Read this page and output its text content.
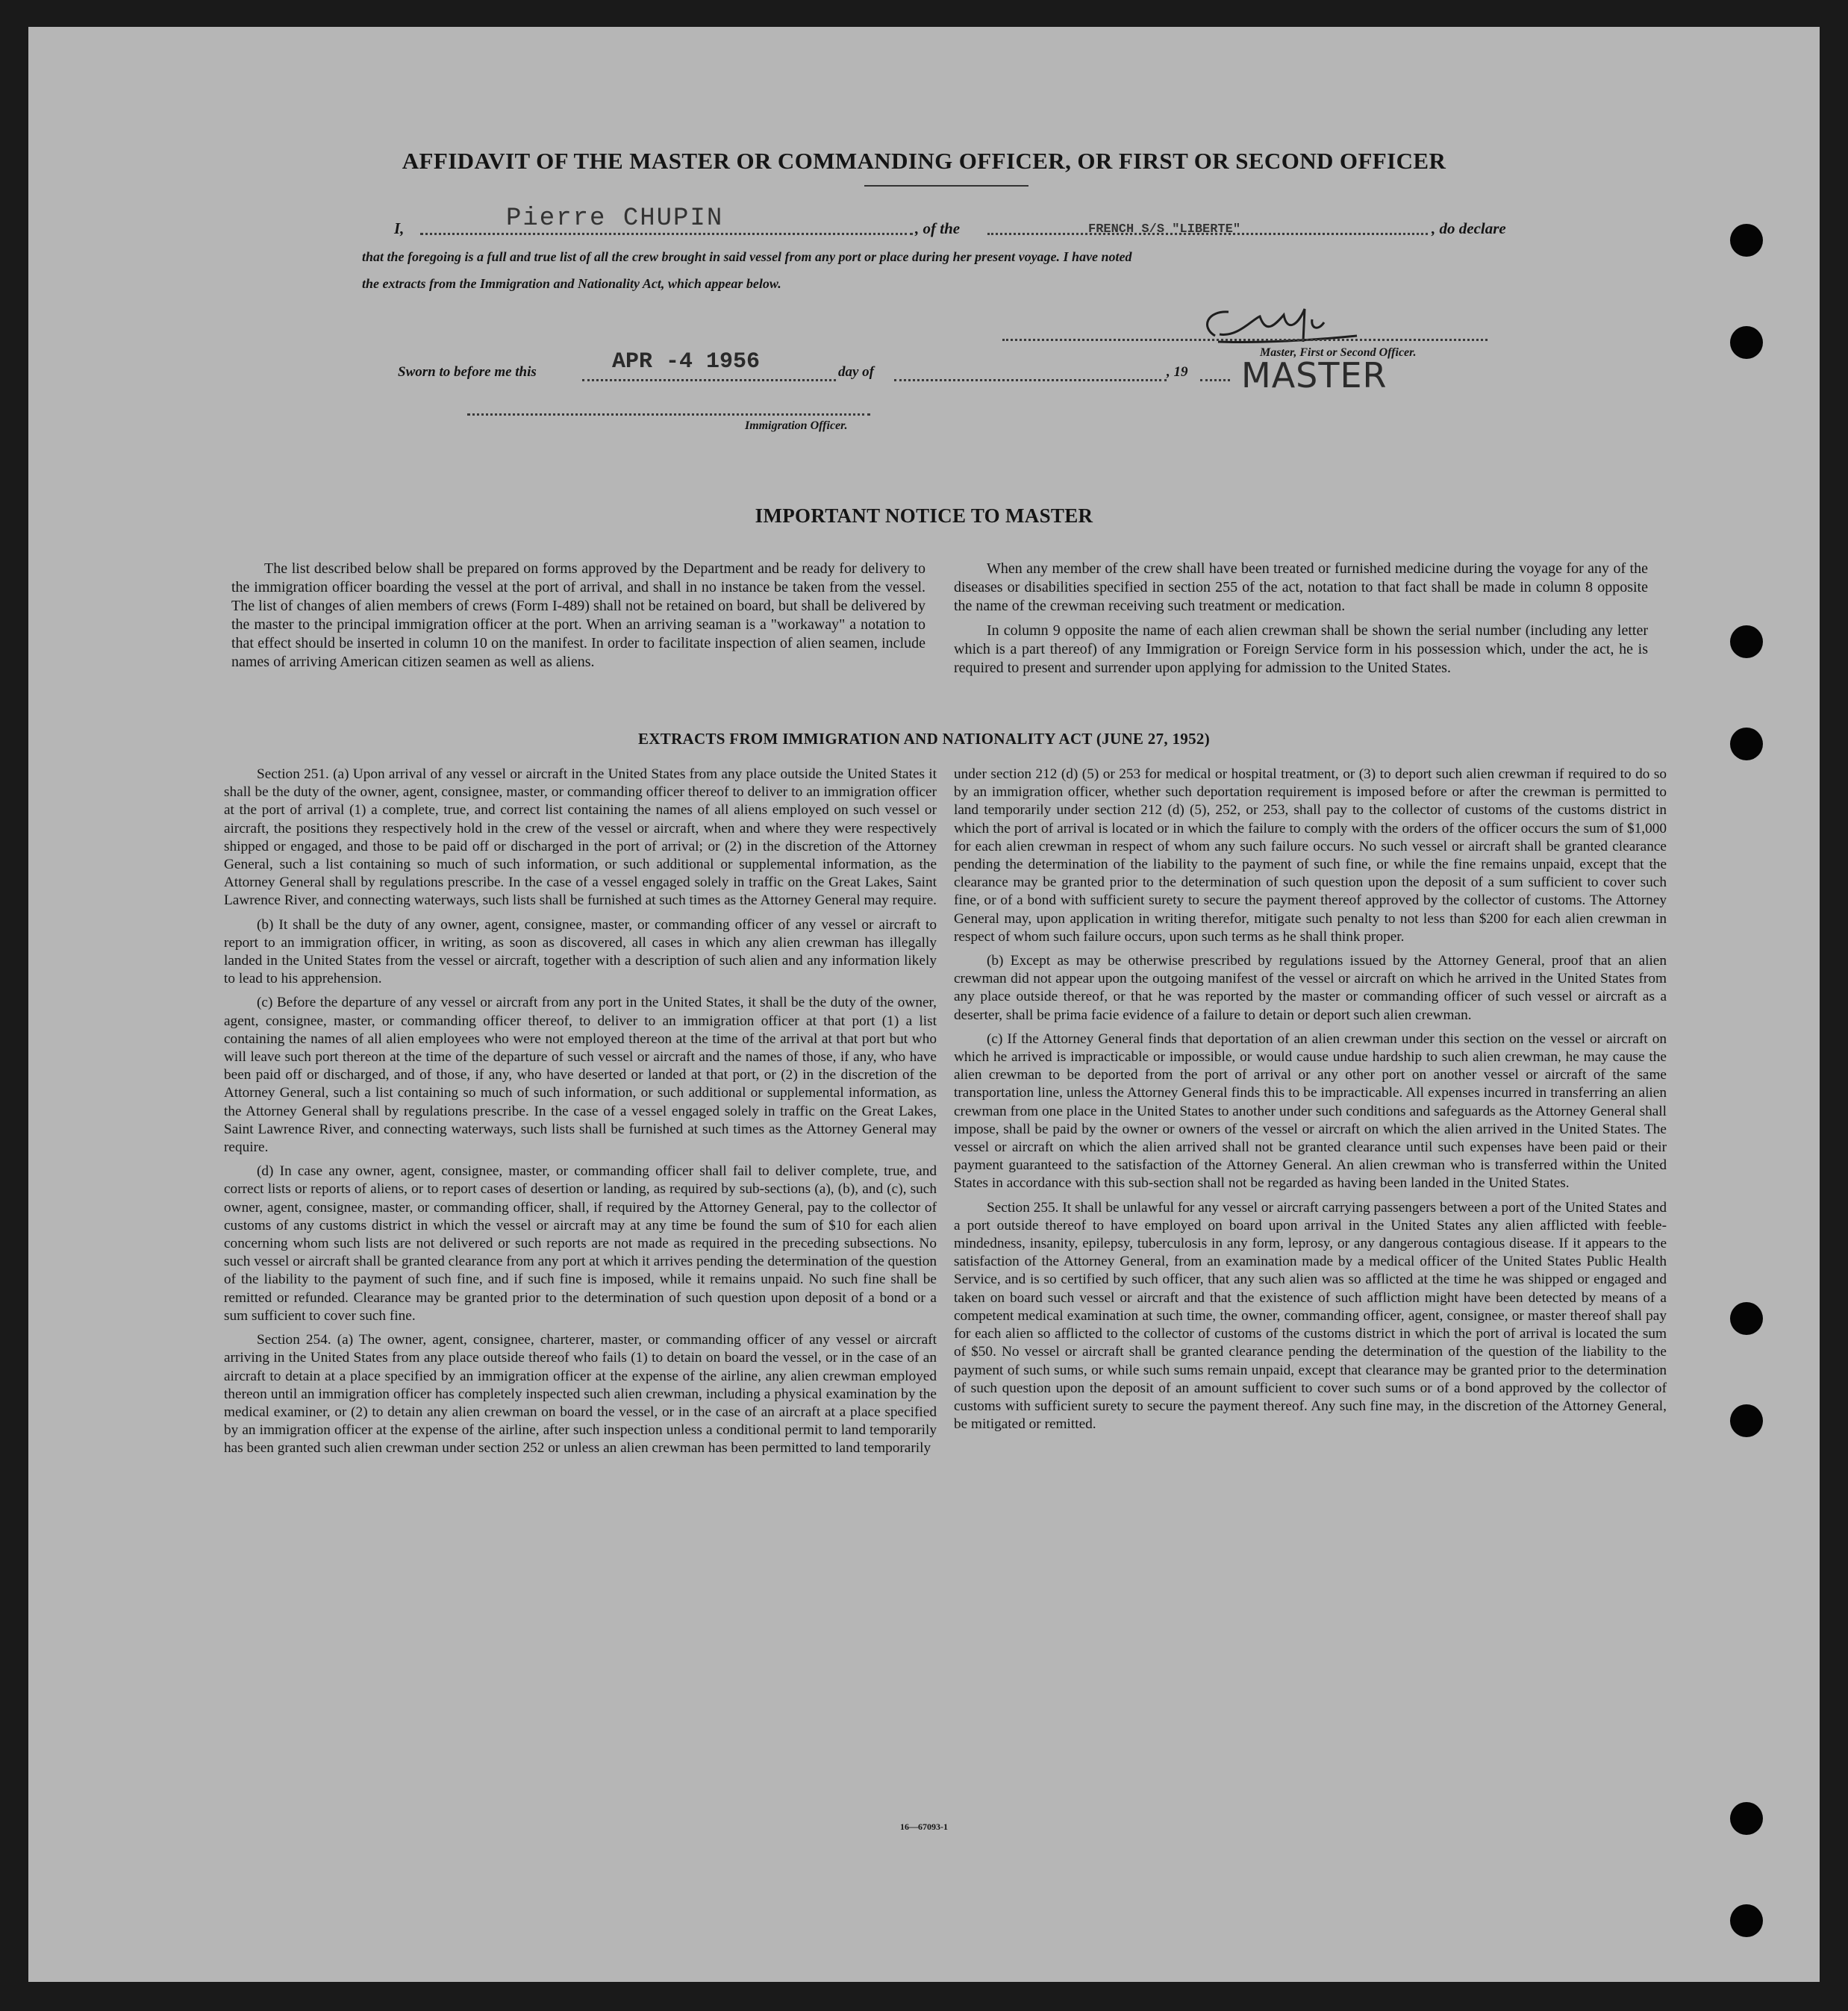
AFFIDAVIT OF THE MASTER OR COMMANDING OFFICER, OR FIRST OR SECOND OFFICER
I,	Pierre CHUPIN	, of the	FRENCH S/S "LIBERTE"	, do declare
that the foregoing is a full and true list of all the crew brought in said vessel from any port or place during her present voyage. I have noted
the extracts from the Immigration and Nationality Act, which appear below.
Master, First or Second Officer.
Sworn to before me this	APR -4 1956	day of	, 19 MASTER
Immigration Officer.
IMPORTANT NOTICE TO MASTER

The list described below shall be prepared on forms approved by the Department and be ready for delivery to the immigration officer boarding the vessel at the port of arrival, and shall in no instance be taken from the vessel. The list of changes of alien members of crews (Form I-489) shall not be retained on board, but shall be delivered by the master to the principal immigration officer at the port. When an arriving seaman is a "workaway" a notation to that effect should be inserted in column 10 on the manifest. In order to facilitate inspection of alien seamen, include names of arriving American citizen seamen as well as aliens.

When any member of the crew shall have been treated or furnished medicine during the voyage for any of the diseases or disabilities specified in section 255 of the act, notation to that fact shall be made in column 8 opposite the name of the crewman receiving such treatment or medication.

In column 9 opposite the name of each alien crewman shall be shown the serial number (including any letter which is a part thereof) of any Immigration or Foreign Service form in his possession which, under the act, he is required to present and surrender upon applying for admission to the United States.

EXTRACTS FROM IMMIGRATION AND NATIONALITY ACT (JUNE 27, 1952)

Section 251. (a) Upon arrival of any vessel or aircraft in the United States from any place outside the United States it shall be the duty of the owner, agent, consignee, master, or commanding officer thereof to deliver to an immigration officer at the port of arrival (1) a complete, true, and correct list containing the names of all aliens employed on such vessel or aircraft, the positions they respectively hold in the crew of the vessel or aircraft, when and where they were respectively shipped or engaged, and those to be paid off or discharged in the port of arrival; or (2) in the discretion of the Attorney General, such a list containing so much of such information, or such additional or supplemental information, as the Attorney General shall by regulations prescribe. In the case of a vessel engaged solely in traffic on the Great Lakes, Saint Lawrence River, and connecting waterways, such lists shall be furnished at such times as the Attorney General may require.

(b) It shall be the duty of any owner, agent, consignee, master, or commanding officer of any vessel or aircraft to report to an immigration officer, in writing, as soon as discovered, all cases in which any alien crewman has illegally landed in the United States from the vessel or aircraft, together with a description of such alien and any information likely to lead to his apprehension.

(c) Before the departure of any vessel or aircraft from any port in the United States, it shall be the duty of the owner, agent, consignee, master, or commanding officer thereof, to deliver to an immigration officer at that port (1) a list containing the names of all alien employees who were not employed thereon at the time of the arrival at that port but who will leave such port thereon at the time of the departure of such vessel or aircraft and the names of those, if any, who have been paid off or discharged, and of those, if any, who have deserted or landed at that port, or (2) in the discretion of the Attorney General, such a list containing so much of such information, or such additional or supplemental information, as the Attorney General shall by regulations prescribe. In the case of a vessel engaged solely in traffic on the Great Lakes, Saint Lawrence River, and connecting waterways, such lists shall be furnished at such times as the Attorney General may require.

(d) In case any owner, agent, consignee, master, or commanding officer shall fail to deliver complete, true, and correct lists or reports of aliens, or to report cases of desertion or landing, as required by sub-sections (a), (b), and (c), such owner, agent, consignee, master, or commanding officer, shall, if required by the Attorney General, pay to the collector of customs of any customs district in which the vessel or aircraft may at any time be found the sum of $10 for each alien concerning whom such lists are not delivered or such reports are not made as required in the preceding subsections. No such vessel or aircraft shall be granted clearance from any port at which it arrives pending the determination of the question of the liability to the payment of such fine, and if such fine is imposed, while it remains unpaid. No such fine shall be remitted or refunded. Clearance may be granted prior to the determination of such question upon deposit of a bond or a sum sufficient to cover such fine.

Section 254. (a) The owner, agent, consignee, charterer, master, or commanding officer of any vessel or aircraft arriving in the United States from any place outside thereof who fails (1) to detain on board the vessel, or in the case of an aircraft to detain at a place specified by an immigration officer at the expense of the airline, any alien crewman employed thereon until an immigration officer has completely inspected such alien crewman, including a physical examination by the medical examiner, or (2) to detain any alien crewman on board the vessel, or in the case of an aircraft at a place specified by an immigration officer at the expense of the airline, after such inspection unless a conditional permit to land temporarily has been granted such alien crewman under section 252 or unless an alien crewman has been permitted to land temporarily

under section 212 (d) (5) or 253 for medical or hospital treatment, or (3) to deport such alien crewman if required to do so by an immigration officer, whether such deportation requirement is imposed before or after the crewman is permitted to land temporarily under section 212 (d) (5), 252, or 253, shall pay to the collector of customs of the customs district in which the port of arrival is located or in which the failure to comply with the orders of the officer occurs the sum of $1,000 for each alien crewman in respect of whom any such failure occurs. No such vessel or aircraft shall be granted clearance pending the determination of the liability to the payment of such fine, or while the fine remains unpaid, except that the clearance may be granted prior to the determination of such question upon the deposit of a sum sufficient to cover such fine, or of a bond with sufficient surety to secure the payment thereof approved by the collector of customs. The Attorney General may, upon application in writing therefor, mitigate such penalty to not less than $200 for each alien crewman in respect of whom such failure occurs, upon such terms as he shall think proper.

(b) Except as may be otherwise prescribed by regulations issued by the Attorney General, proof that an alien crewman did not appear upon the outgoing manifest of the vessel or aircraft on which he arrived in the United States from any place outside thereof, or that he was reported by the master or commanding officer of such vessel or aircraft as a deserter, shall be prima facie evidence of a failure to detain or deport such alien crewman.

(c) If the Attorney General finds that deportation of an alien crewman under this section on the vessel or aircraft on which he arrived is impracticable or impossible, or would cause undue hardship to such alien crewman, he may cause the alien crewman to be deported from the port of arrival or any other port on another vessel or aircraft of the same transportation line, unless the Attorney General finds this to be impracticable. All expenses incurred in transferring an alien crewman from one place in the United States to another under such conditions and safeguards as the Attorney General shall impose, shall be paid by the owner or owners of the vessel or aircraft on which the alien arrived in the United States. The vessel or aircraft on which the alien arrived shall not be granted clearance until such expenses have been paid or their payment guaranteed to the satisfaction of the Attorney General. An alien crewman who is transferred within the United States in accordance with this sub-section shall not be regarded as having been landed in the United States.

Section 255. It shall be unlawful for any vessel or aircraft carrying passengers between a port of the United States and a port outside thereof to have employed on board upon arrival in the United States any alien afflicted with feeble-mindedness, insanity, epilepsy, tuberculosis in any form, leprosy, or any dangerous contagious disease. If it appears to the satisfaction of the Attorney General, from an examination made by a medical officer of the United States Public Health Service, and is so certified by such officer, that any such alien was so afflicted at the time he was shipped or engaged and taken on board such vessel or aircraft and that the existence of such affliction might have been detected by means of a competent medical examination at such time, the owner, commanding officer, agent, consignee, or master thereof shall pay for each alien so afflicted to the collector of customs of the customs district in which the port of arrival is located the sum of $50. No vessel or aircraft shall be granted clearance pending the determination of the question of the liability to the payment of such sums, or while such sums remain unpaid, except that clearance may be granted prior to the determination of such question upon the deposit of an amount sufficient to cover such sums or of a bond approved by the collector of customs with sufficient surety to secure the payment thereof. Any such fine may, in the discretion of the Attorney General, be mitigated or remitted.

16—67093-1
